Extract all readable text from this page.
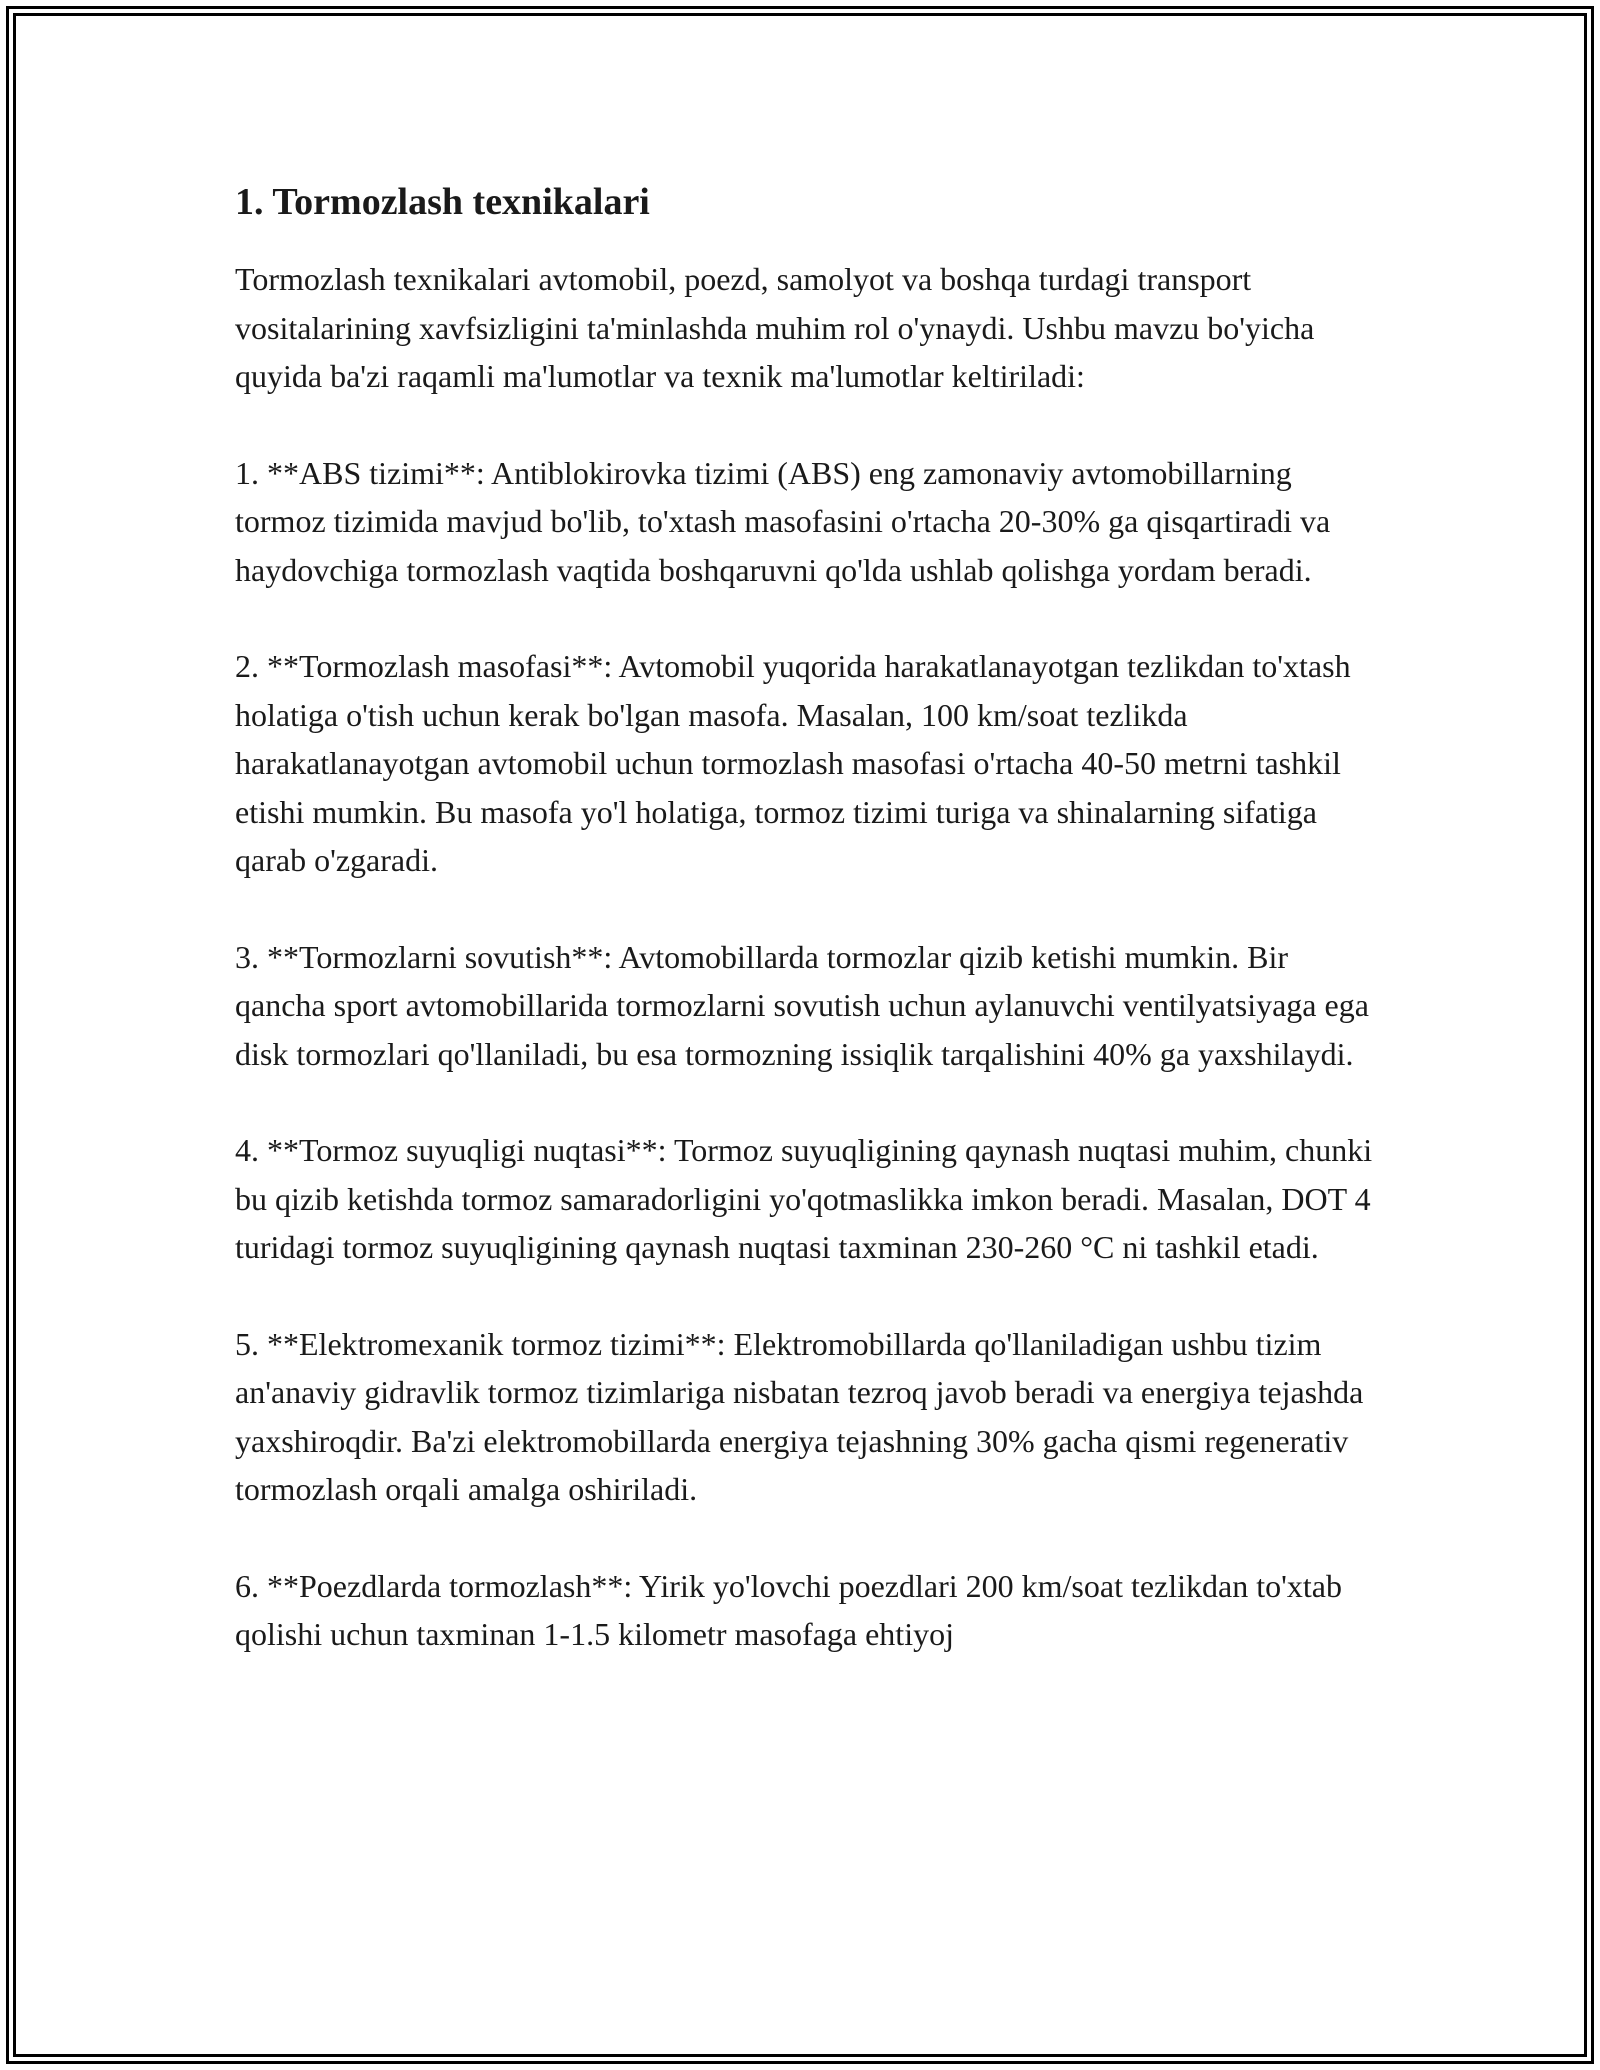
1. Tormozlash texnikalari

Tormozlash texnikalari avtomobil, poezd, samolyot va boshqa turdagi transport vositalarining xavfsizligini ta'minlashda muhim rol o'ynaydi. Ushbu mavzu bo'yicha quyida ba'zi raqamli ma'lumotlar va texnik ma'lumotlar keltiriladi:

1. **ABS tizimi**: Antiblokirovka tizimi (ABS) eng zamonaviy avtomobillarning tormoz tizimida mavjud bo'lib, to'xtash masofasini o'rtacha 20-30% ga qisqartiradi va haydovchiga tormozlash vaqtida boshqaruvni qo'lda ushlab qolishga yordam beradi.

2. **Tormozlash masofasi**: Avtomobil yuqorida harakatlanayotgan tezlikdan to'xtash holatiga o'tish uchun kerak bo'lgan masofa. Masalan, 100 km/soat tezlikda harakatlanayotgan avtomobil uchun tormozlash masofasi o'rtacha 40-50 metrni tashkil etishi mumkin. Bu masofa yo'l holatiga, tormoz tizimi turiga va shinalarning sifatiga qarab o'zgaradi.

3. **Tormozlarni sovutish**: Avtomobillarda tormozlar qizib ketishi mumkin. Bir qancha sport avtomobillarida tormozlarni sovutish uchun aylanuvchi ventilyatsiyaga ega disk tormozlari qo'llaniladi, bu esa tormozning issiqlik tarqalishini 40% ga yaxshilaydi.

4. **Tormoz suyuqligi nuqtasi**: Tormoz suyuqligining qaynash nuqtasi muhim, chunki bu qizib ketishda tormoz samaradorligini yo'qotmaslikka imkon beradi. Masalan, DOT 4 turidagi tormoz suyuqligining qaynash nuqtasi taxminan 230-260 °C ni tashkil etadi.

5. **Elektromexanik tormoz tizimi**: Elektromobillarda qo'llaniladigan ushbu tizim an'anaviy gidravlik tormoz tizimlariga nisbatan tezroq javob beradi va energiya tejashda yaxshiroqdir. Ba'zi elektromobillarda energiya tejashning 30% gacha qismi regenerativ tormozlash orqali amalga oshiriladi.

6. **Poezdlarda tormozlash**: Yirik yo'lovchi poezdlari 200 km/soat tezlikdan to'xtab qolishi uchun taxminan 1-1.5 kilometr masofaga ehtiyoj
